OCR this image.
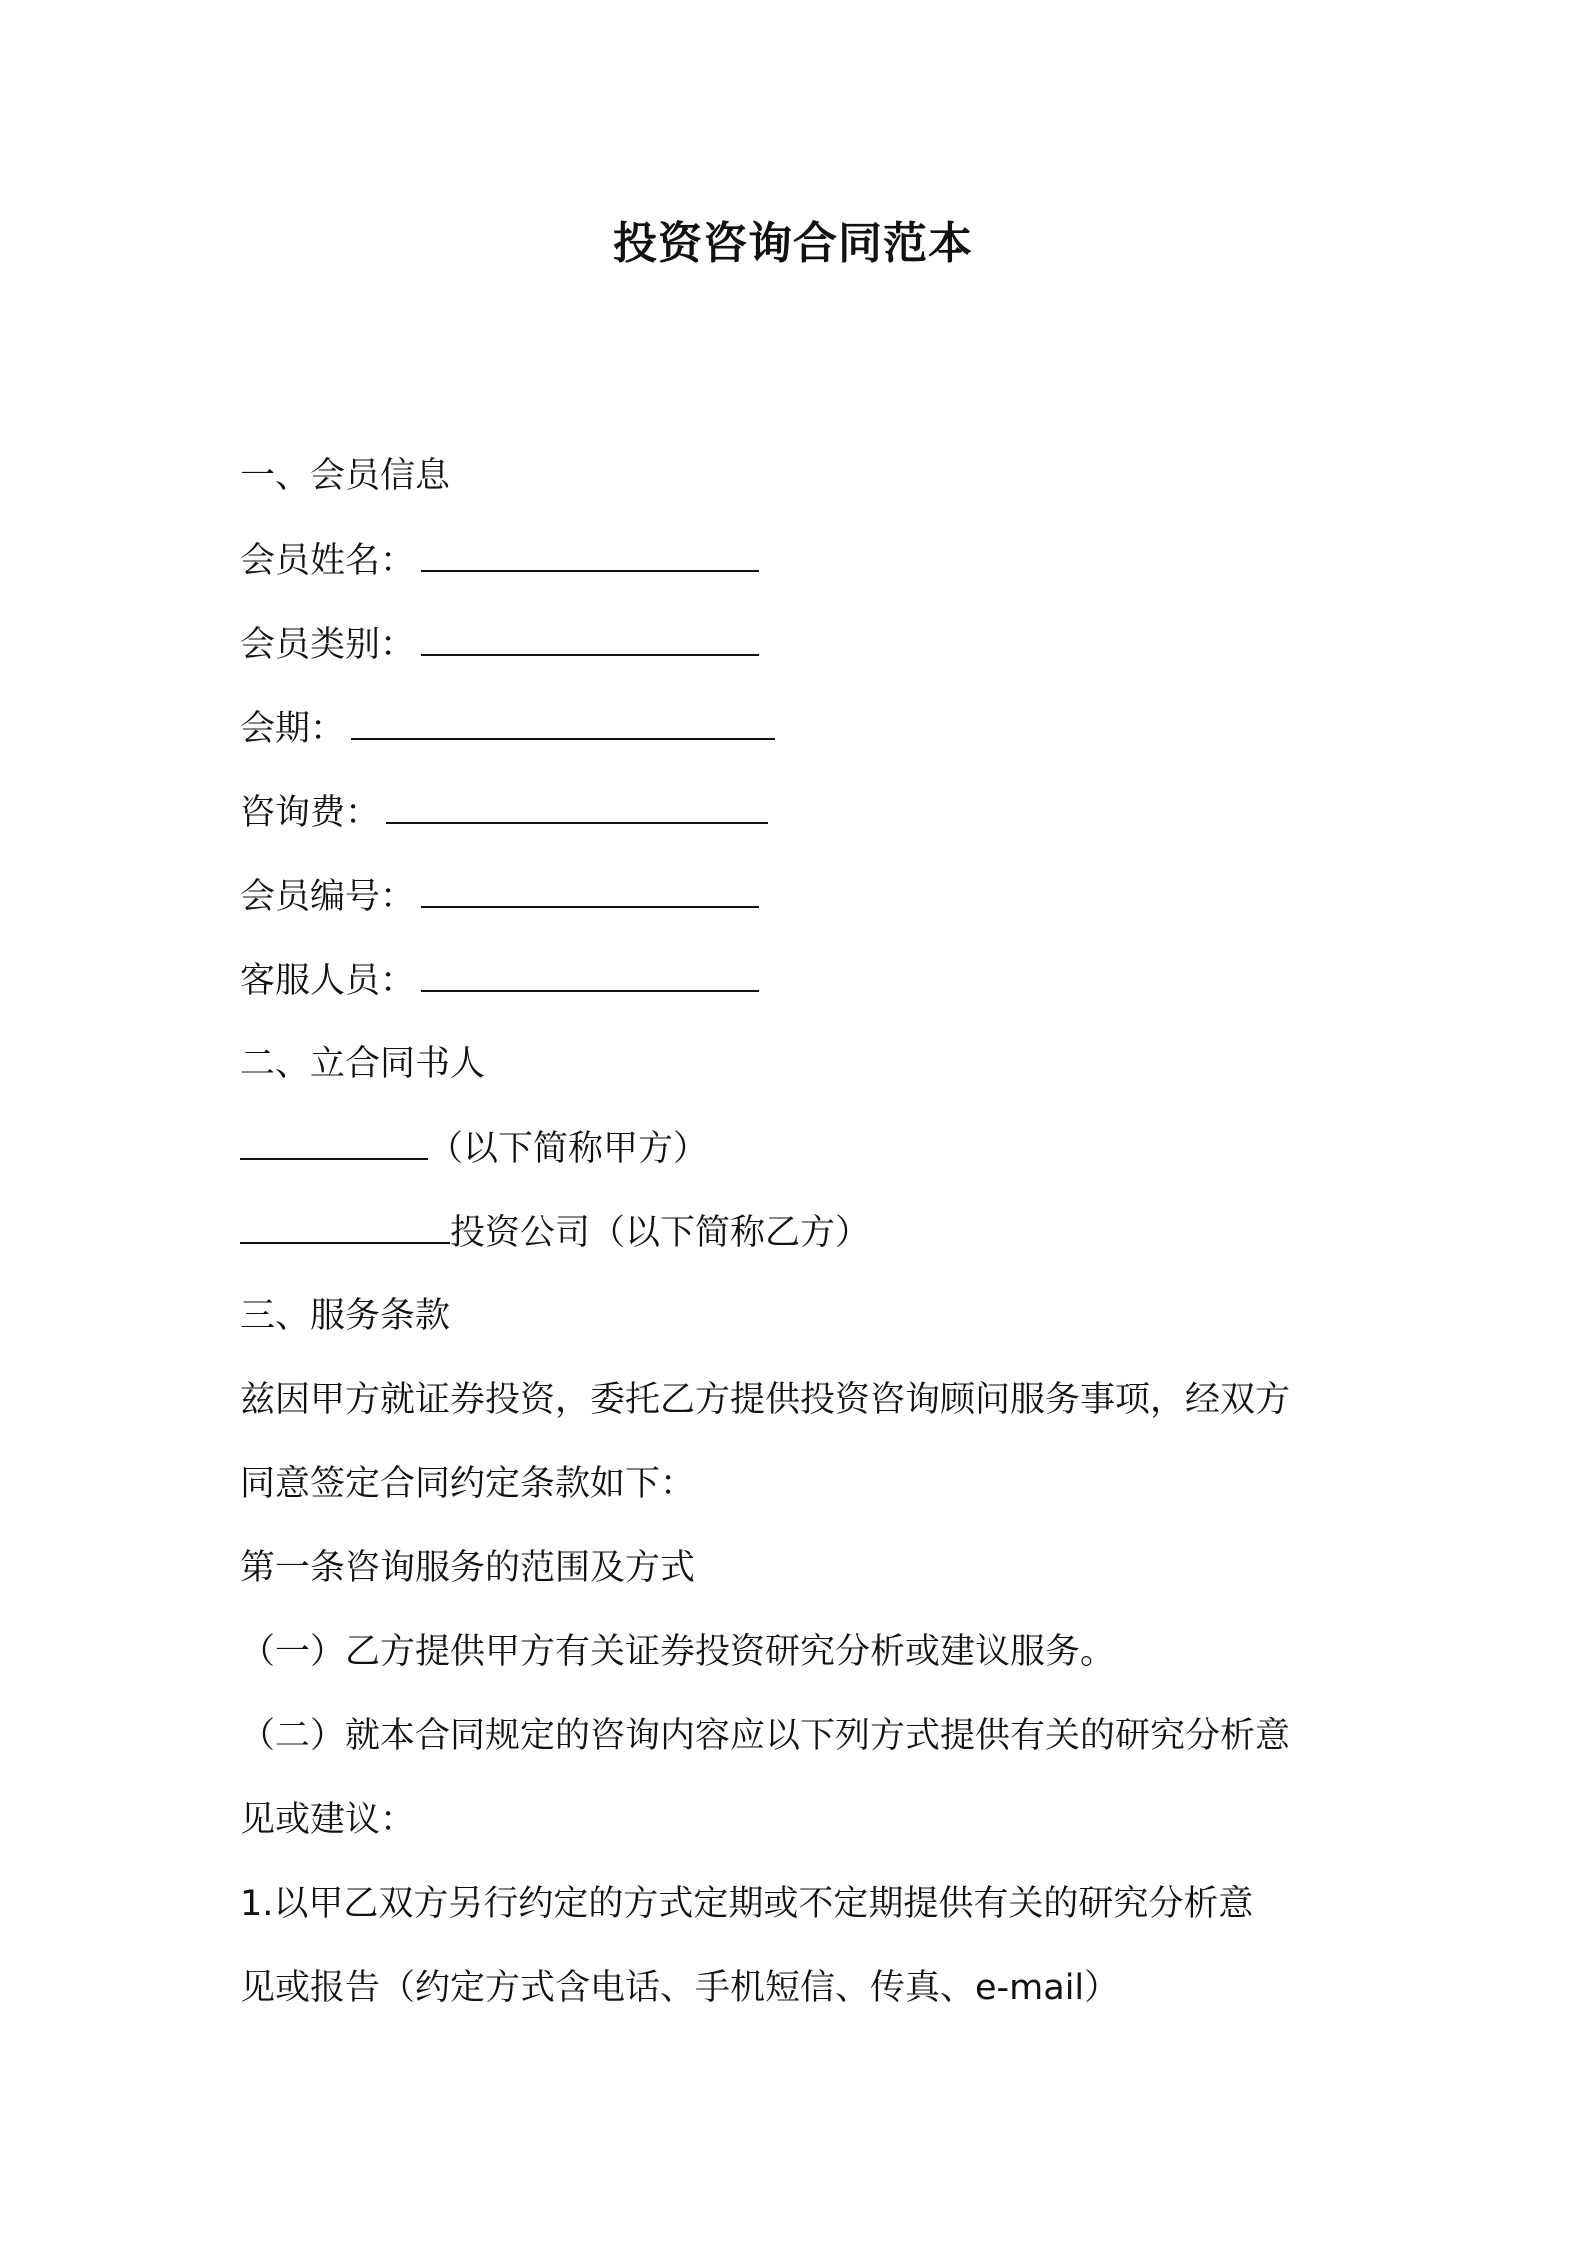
投资咨询合同范本
一、会员信息
会员姓名：
会员类别：
会期：
咨询费：
会员编号：
客服人员：
二、立合同书人
（以下简称甲方）
投资公司（以下简称乙方）
三、服务条款
兹因甲方就证券投资，委托乙方提供投资咨询顾问服务事项，经双方
同意签定合同约定条款如下：
第一条咨询服务的范围及方式
（一）乙方提供甲方有关证券投资研究分析或建议服务。
（二）就本合同规定的咨询内容应以下列方式提供有关的研究分析意
见或建议：
1.以甲乙双方另行约定的方式定期或不定期提供有关的研究分析意
见或报告（约定方式含电话、手机短信、传真、e-mail）
